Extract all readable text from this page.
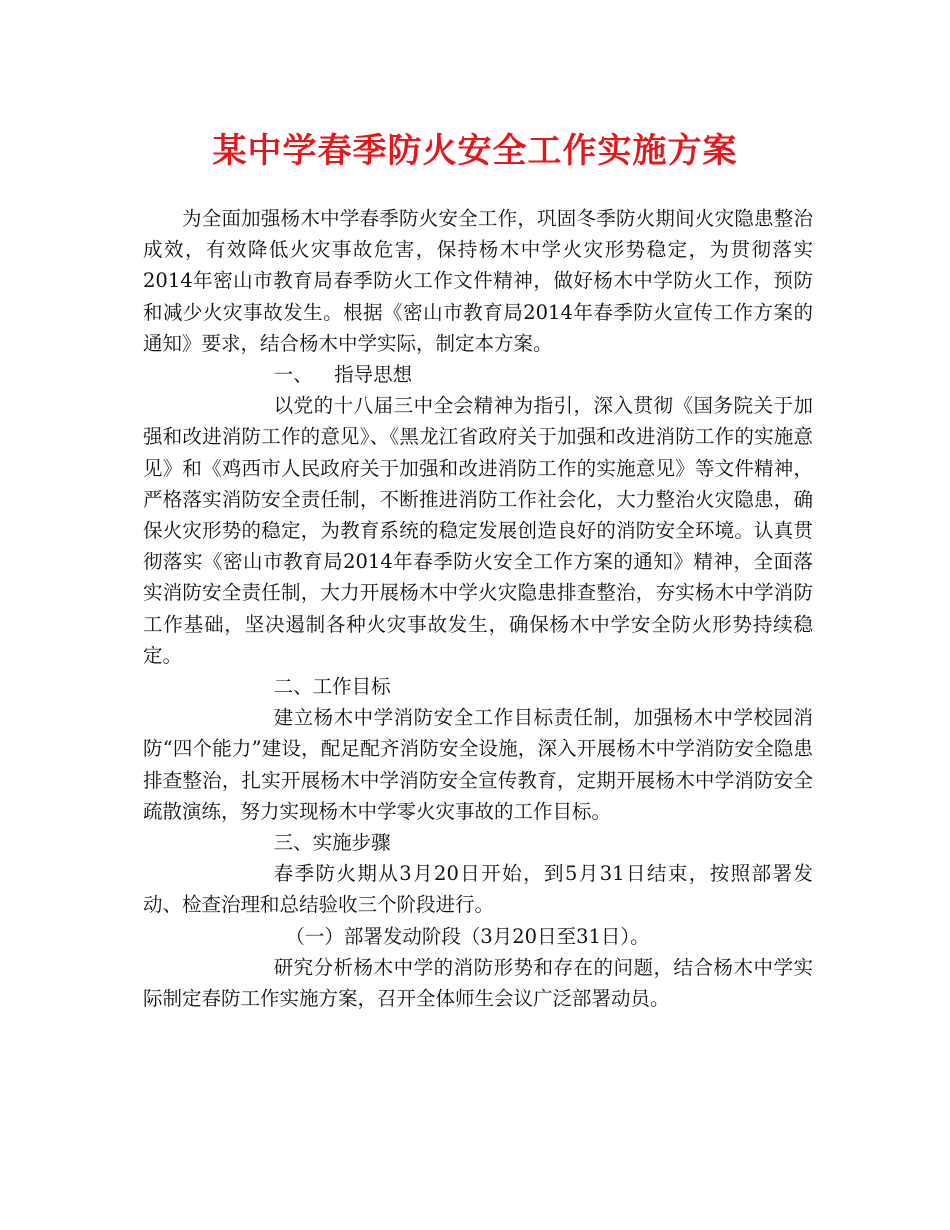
某中学春季防火安全工作实施方案

为全面加强杨木中学春季防火安全工作，巩固冬季防火期间火灾隐患整治成效，有效降低火灾事故危害，保持杨木中学火灾形势稳定，为贯彻落实2014年密山市教育局春季防火工作文件精神，做好杨木中学防火工作，预防和减少火灾事故发生。根据《密山市教育局2014年春季防火宣传工作方案的通知》要求，结合杨木中学实际，制定本方案。

一、 指导思想

以党的十八届三中全会精神为指引，深入贯彻《国务院关于加强和改进消防工作的意见》、《黑龙江省政府关于加强和改进消防工作的实施意见》和《鸡西市人民政府关于加强和改进消防工作的实施意见》等文件精神，严格落实消防安全责任制，不断推进消防工作社会化，大力整治火灾隐患，确保火灾形势的稳定，为教育系统的稳定发展创造良好的消防安全环境。认真贯彻落实《密山市教育局2014年春季防火安全工作方案的通知》精神，全面落实消防安全责任制，大力开展杨木中学火灾隐患排查整治，夯实杨木中学消防工作基础，坚决遏制各种火灾事故发生，确保杨木中学安全防火形势持续稳定。

二、工作目标

建立杨木中学消防安全工作目标责任制，加强杨木中学校园消防“四个能力”建设，配足配齐消防安全设施，深入开展杨木中学消防安全隐患排查整治，扎实开展杨木中学消防安全宣传教育，定期开展杨木中学消防安全疏散演练，努力实现杨木中学零火灾事故的工作目标。

三、实施步骤

春季防火期从3月20日开始，到5月31日结束，按照部署发动、检查治理和总结验收三个阶段进行。

（一）部署发动阶段（3月20日至31日）。

研究分析杨木中学的消防形势和存在的问题，结合杨木中学实际制定春防工作实施方案，召开全体师生会议广泛部署动员。
